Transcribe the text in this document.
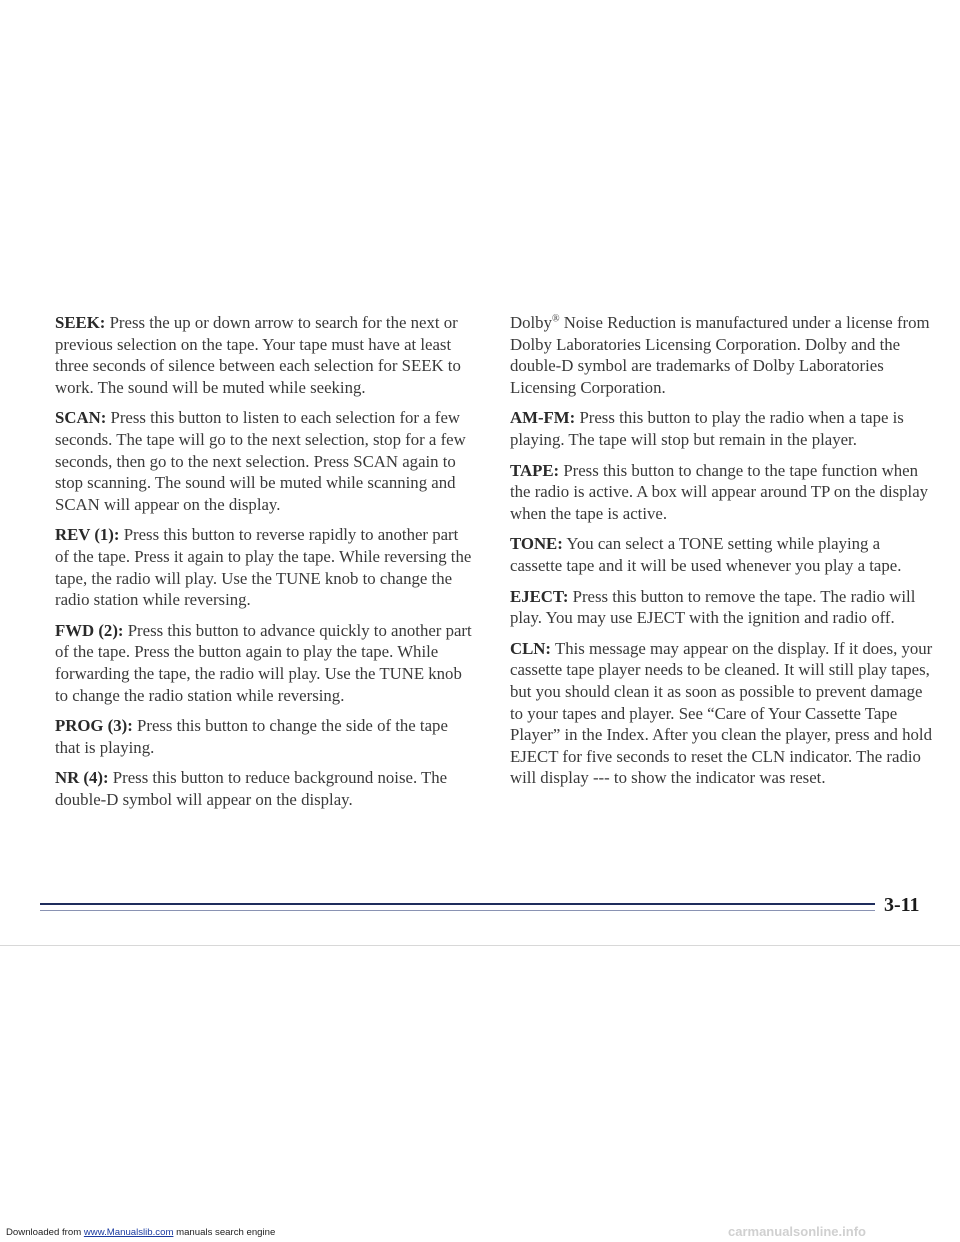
SEEK: Press the up or down arrow to search for the next or previous selection on the tape. Your tape must have at least three seconds of silence between each selection for SEEK to work. The sound will be muted while seeking.

SCAN: Press this button to listen to each selection for a few seconds. The tape will go to the next selection, stop for a few seconds, then go to the next selection. Press SCAN again to stop scanning. The sound will be muted while scanning and SCAN will appear on the display.

REV (1): Press this button to reverse rapidly to another part of the tape. Press it again to play the tape. While reversing the tape, the radio will play. Use the TUNE knob to change the radio station while reversing.

FWD (2): Press this button to advance quickly to another part of the tape. Press the button again to play the tape. While forwarding the tape, the radio will play. Use the TUNE knob to change the radio station while reversing.

PROG (3): Press this button to change the side of the tape that is playing.

NR (4): Press this button to reduce background noise. The double-D symbol will appear on the display.

Dolby® Noise Reduction is manufactured under a license from Dolby Laboratories Licensing Corporation. Dolby and the double-D symbol are trademarks of Dolby Laboratories Licensing Corporation.

AM-FM: Press this button to play the radio when a tape is playing. The tape will stop but remain in the player.

TAPE: Press this button to change to the tape function when the radio is active. A box will appear around TP on the display when the tape is active.

TONE: You can select a TONE setting while playing a cassette tape and it will be used whenever you play a tape.

EJECT: Press this button to remove the tape. The radio will play. You may use EJECT with the ignition and radio off.

CLN: This message may appear on the display. If it does, your cassette tape player needs to be cleaned. It will still play tapes, but you should clean it as soon as possible to prevent damage to your tapes and player. See “Care of Your Cassette Tape Player” in the Index. After you clean the player, press and hold EJECT for five seconds to reset the CLN indicator. The radio will display --- to show the indicator was reset.

3-11
Downloaded from www.Manualslib.com manuals search engine	carmanualsonline.info
